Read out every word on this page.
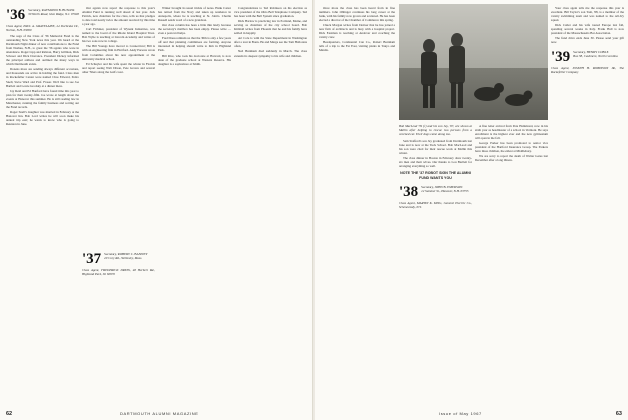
'36 Secretary, RAYMOND B. BUSLER
30 Worth Road, Glen Ridge, N.J. 07028
Class Agent, PAUL A. GRAVELAINE, 24 Dorbrake Dr., Norton, N.H. 03060

The saga of the Class of '36 Memorial Fund is the outstanding New York news this year. We heard at the Dartmouth Night dinner of new contributions to the Fund from Nashua, N.H., to great the '36 agents who were in attendance. Roger Lipp and Ralston, Harry Gillman, Dick Schoser and Dick Dorrance. President Dickey informed the principal address and outlined the many ways in which Dartmouth exists.

Dozens more are sending always different occasions, and thousands are active in holding the fund. Class men in Rockefeller Center were named Chas Edward, Pedro Snell, Steve Ward and Prof. Fraser. We'd like to see Joe Bartlett and Lewie Grodsky at a dinner there.

Jay Reid and Ed Hanford have found time this year to plan for their twenty-fifth. Joe wrote at length about the events at Hanover this summer. He is still reading law in Manchester, running the family business and sorting out the Fund records.

Roger Snell's daughter was married in February at the Hanover Inn. Bob Lord writes he will soon make his annual trip east; he wants to know who is going to Reunion in June.

Our agents now report the response to this year's Alumni Fund is running well ahead of last year. Jack Patrick, new chairman for the class, tells us that pledges to date total nearly twice the amount received by this time a year ago.

Carl Fichtner, president of Wynant Industries, was named to the board of the Rhode Island Hospital Trust. Bob Wylie is teaching at Lincoln Academy and writes of his two sons now in college.

The Bill Youngs have moved to Connecticut; Bill is with an engineering firm in Hartford. Andy Parsons wrote from Columbus about his new appointment at the university medical school.

Ed Schuyler and his wife spent the winter in Florida and report seeing Walt Dixon, Pete Graves and several other '36ers along the Gulf coast.

Winter brought its usual trickle of notes. Hank Carter has retired from the Navy and taken up residence in Annapolis, where he is teaching at St. John's. Charlie Russell sends word of a new grandson.

Our class column has been a little thin lately because the secretary's mailbox has been empty. Please write — even a postcard helps.

Fred Dress reminds us that the 30th is only a few years off and that planning committees are forming. Anyone interested in helping should write to him in Highland Park.

Bill Rice, who took his doctorate at Harvard, is now dean of the graduate school at Western Reserve. His daughter is a sophomore at Smith.

Congratulations to Ted Robinson on his election as vice president of the Ohio Bell Telephone Company. Ted has been with the Bell System since graduation.

Dick Harlow is practicing law in Portland, Maine, and serving as chairman of the city school board. Bob Kimball writes from Phoenix that he and his family have settled in happily.

Art Cole is with the State Department in Washington after a tour in Bonn. He and Marge see the Tom Hallorans often.

Ned Burnham died suddenly in March. The class extends its deepest sympathy to his wife and children.

'37 Secretary, ROBERT C. BANNEY
20 Cory Rd., Wellesley, Mass.
Class Agent, FREDERICK DRESS, 48 Herbert Rd., Highland Park, Ill. 60035
62	DARTMOUTH ALUMNI MAGAZINE

Once more the class has been heard from in fine numbers. John Oblinger continues his long career at the bank, with his family now grown and scattered. He has been elected a director of the Chamber of Commerce this spring.

Chuck Morgan writes from Denver that he has joined a new firm of architects and is busy with a hospital project. Dick Eastman is teaching at Andover and coaching the varsity crew.

Headquarters, Continental Can Co., Robert Burnham tells of a trip to the Far East, visiting plants in Tokyo and Manila.

Bob MacLeod '39 (r) and his son Jay, '67, are shown at Mallin after helping to rescue two persons from a wrecked car. Their dogs came along too.

Sam Stafford's son Jay graduated from Dartmouth last June and is now at the Tuck School. Bob MacLeod and his son were cited for their rescue work at Mallin this winter.

The class dinner in Boston in February drew twenty-six men and their wives. Our thanks to Lou Bartlett for arranging everything so well.

NOTE THE '37 ROBOT SIGN THE ALUMNI FUND WANTS YOU
'38 Secretary, JOHN B. EMERSON
12 Summer St., Hanover, N.H. 03755
Class Agent, MARTIN K. KING, General Electric Co., Schenectady, N.Y.

A fine letter arrived from Pete Hammond, now in his sixth year as headmaster of a school in Vermont. He says enrollment is the highest ever and the new gymnasium will open in the fall.

George Parker has been promoted to senior vice president of the Hartford Insurance Group. The Parkers have three children, the eldest at Middlebury.

We are sorry to report the death of Walter Gates last December after a long illness.

Your class agent tells me the response this year is excellent. Bill Taylor's son Tom, '68, is a member of the varsity swimming team and was named to the All-Ivy squad.

Dick Cutler and his wife toured Europe last fall, spending several weeks in Italy. Frank Hall is now president of the Massachusetts Bar Association.

The fund drive ends June 30. Please send your gift now.

'39 Secretary, HENRY COBLE
Box 38, Cashmere, North Carolina
Class Agent, JOSEPH H. ROBINSON JR., The Rockefeller Company
Issue of May 1967	63
